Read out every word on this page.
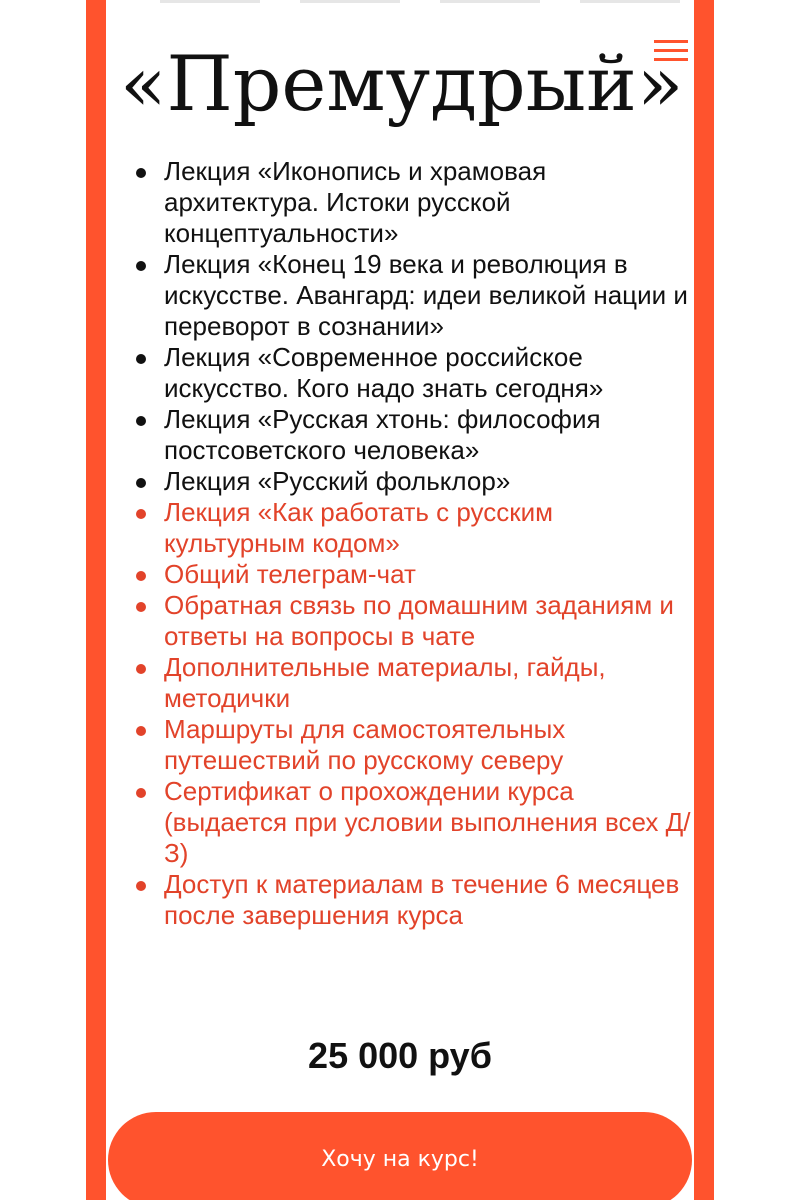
«Премудрый»
Лекция «Иконопись и храмовая архитектура. Истоки русской концептуальности»
Лекция «Конец 19 века и революция в искусстве. Авангард: идеи великой нации и переворот в сознании»
Лекция «Современное российское искусство. Кого надо знать сегодня»
Лекция «Русская хтонь: философия постсоветского человека»
Лекция «Русский фольклор»
Лекция «Как работать с русским культурным кодом»
Общий телеграм-чат
Обратная связь по домашним заданиям и ответы на вопросы в чате
Дополнительные материалы, гайды, методички
Маршруты для самостоятельных путешествий по русскому северу
Сертификат о прохождении курса (выдается при условии выполнения всех Д/З)
Доступ к материалам в течение 6 месяцев после завершения курса
25 000 руб
Хочу на курс!
